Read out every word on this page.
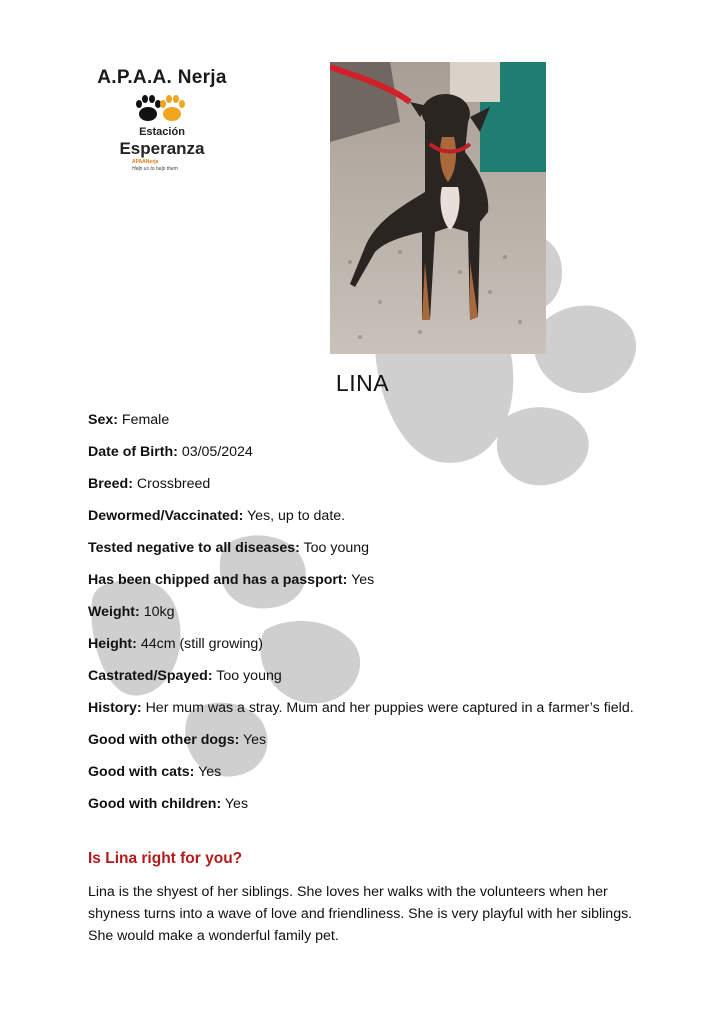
A.P.A.A. Nerja
Estación
Esperanza
APAANerja
Help us to help them
LINA

Sex: Female

Date of Birth: 03/05/2024

Breed: Crossbreed

Dewormed/Vaccinated: Yes, up to date.

Tested negative to all diseases: Too young

Has been chipped and has a passport: Yes

Weight: 10kg

Height: 44cm (still growing)

Castrated/Spayed: Too young

History: Her mum was a stray. Mum and her puppies were captured in a farmer’s field.

Good with other dogs: Yes

Good with cats: Yes

Good with children: Yes

Is Lina right for you?

Lina is the shyest of her siblings. She loves her walks with the volunteers when her shyness turns into a wave of love and friendliness. She is very playful with her siblings. She would make a wonderful family pet.
